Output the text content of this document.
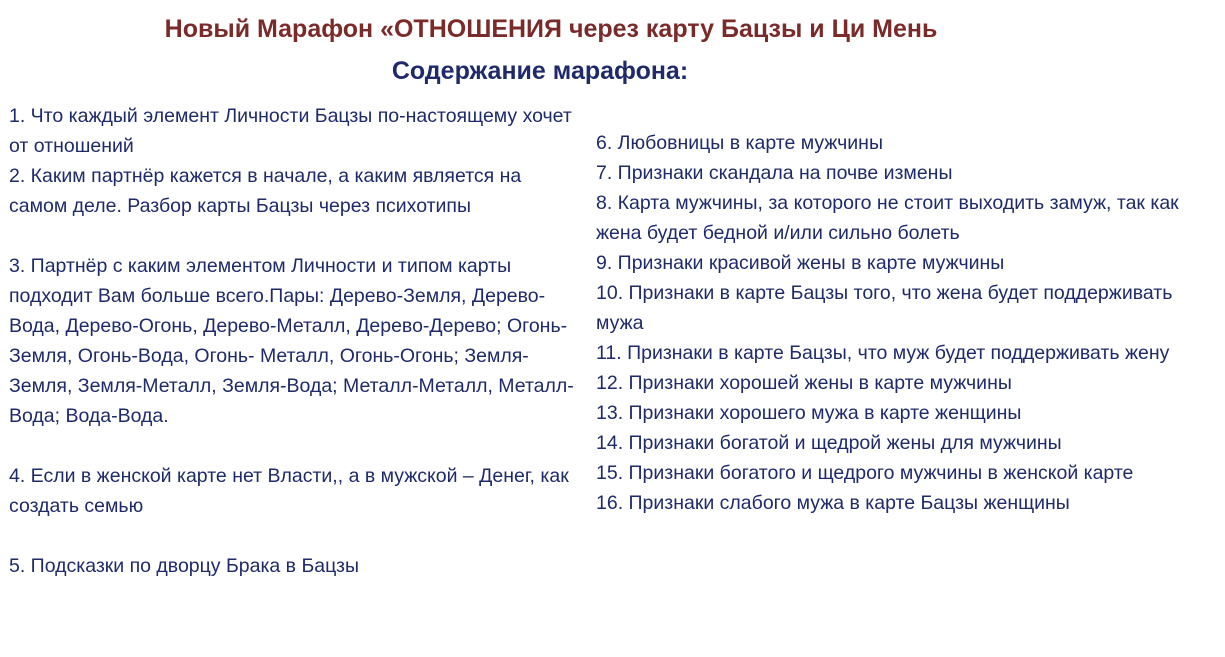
Новый Марафон «ОТНОШЕНИЯ через карту Бацзы и Ци Мень
Содержание марафона:

1. Что каждый элемент Личности Бацзы по-настоящему хочет от отношений

2. Каким партнёр кажется в начале, а каким является на самом деле. Разбор карты Бацзы через психотипы

3. Партнёр с каким элементом Личности и типом карты подходит Вам больше всего.Пары: Дерево-Земля, Дерево-Вода, Дерево-Огонь, Дерево-Металл, Дерево-Дерево; Огонь-Земля, Огонь-Вода, Огонь- Металл, Огонь-Огонь; Земля-Земля, Земля-Металл, Земля-Вода; Металл-Металл, Металл-Вода; Вода-Вода.

4. Если в женской карте нет Власти,, а в мужской – Денег, как создать семью

5. Подсказки по дворцу Брака в Бацзы

6. Любовницы в карте мужчины

7. Признаки скандала на почве измены

8. Карта мужчины, за которого не стоит выходить замуж, так как жена будет бедной и/или сильно болеть

9. Признаки красивой жены в карте мужчины

10. Признаки в карте Бацзы того, что жена будет поддерживать мужа

11. Признаки в карте Бацзы, что муж будет поддерживать жену

12. Признаки хорошей жены в карте мужчины

13. Признаки хорошего мужа в карте женщины

14. Признаки богатой и щедрой жены для мужчины

15. Признаки богатого и щедрого мужчины в женской карте

16. Признаки слабого мужа в карте Бацзы женщины
